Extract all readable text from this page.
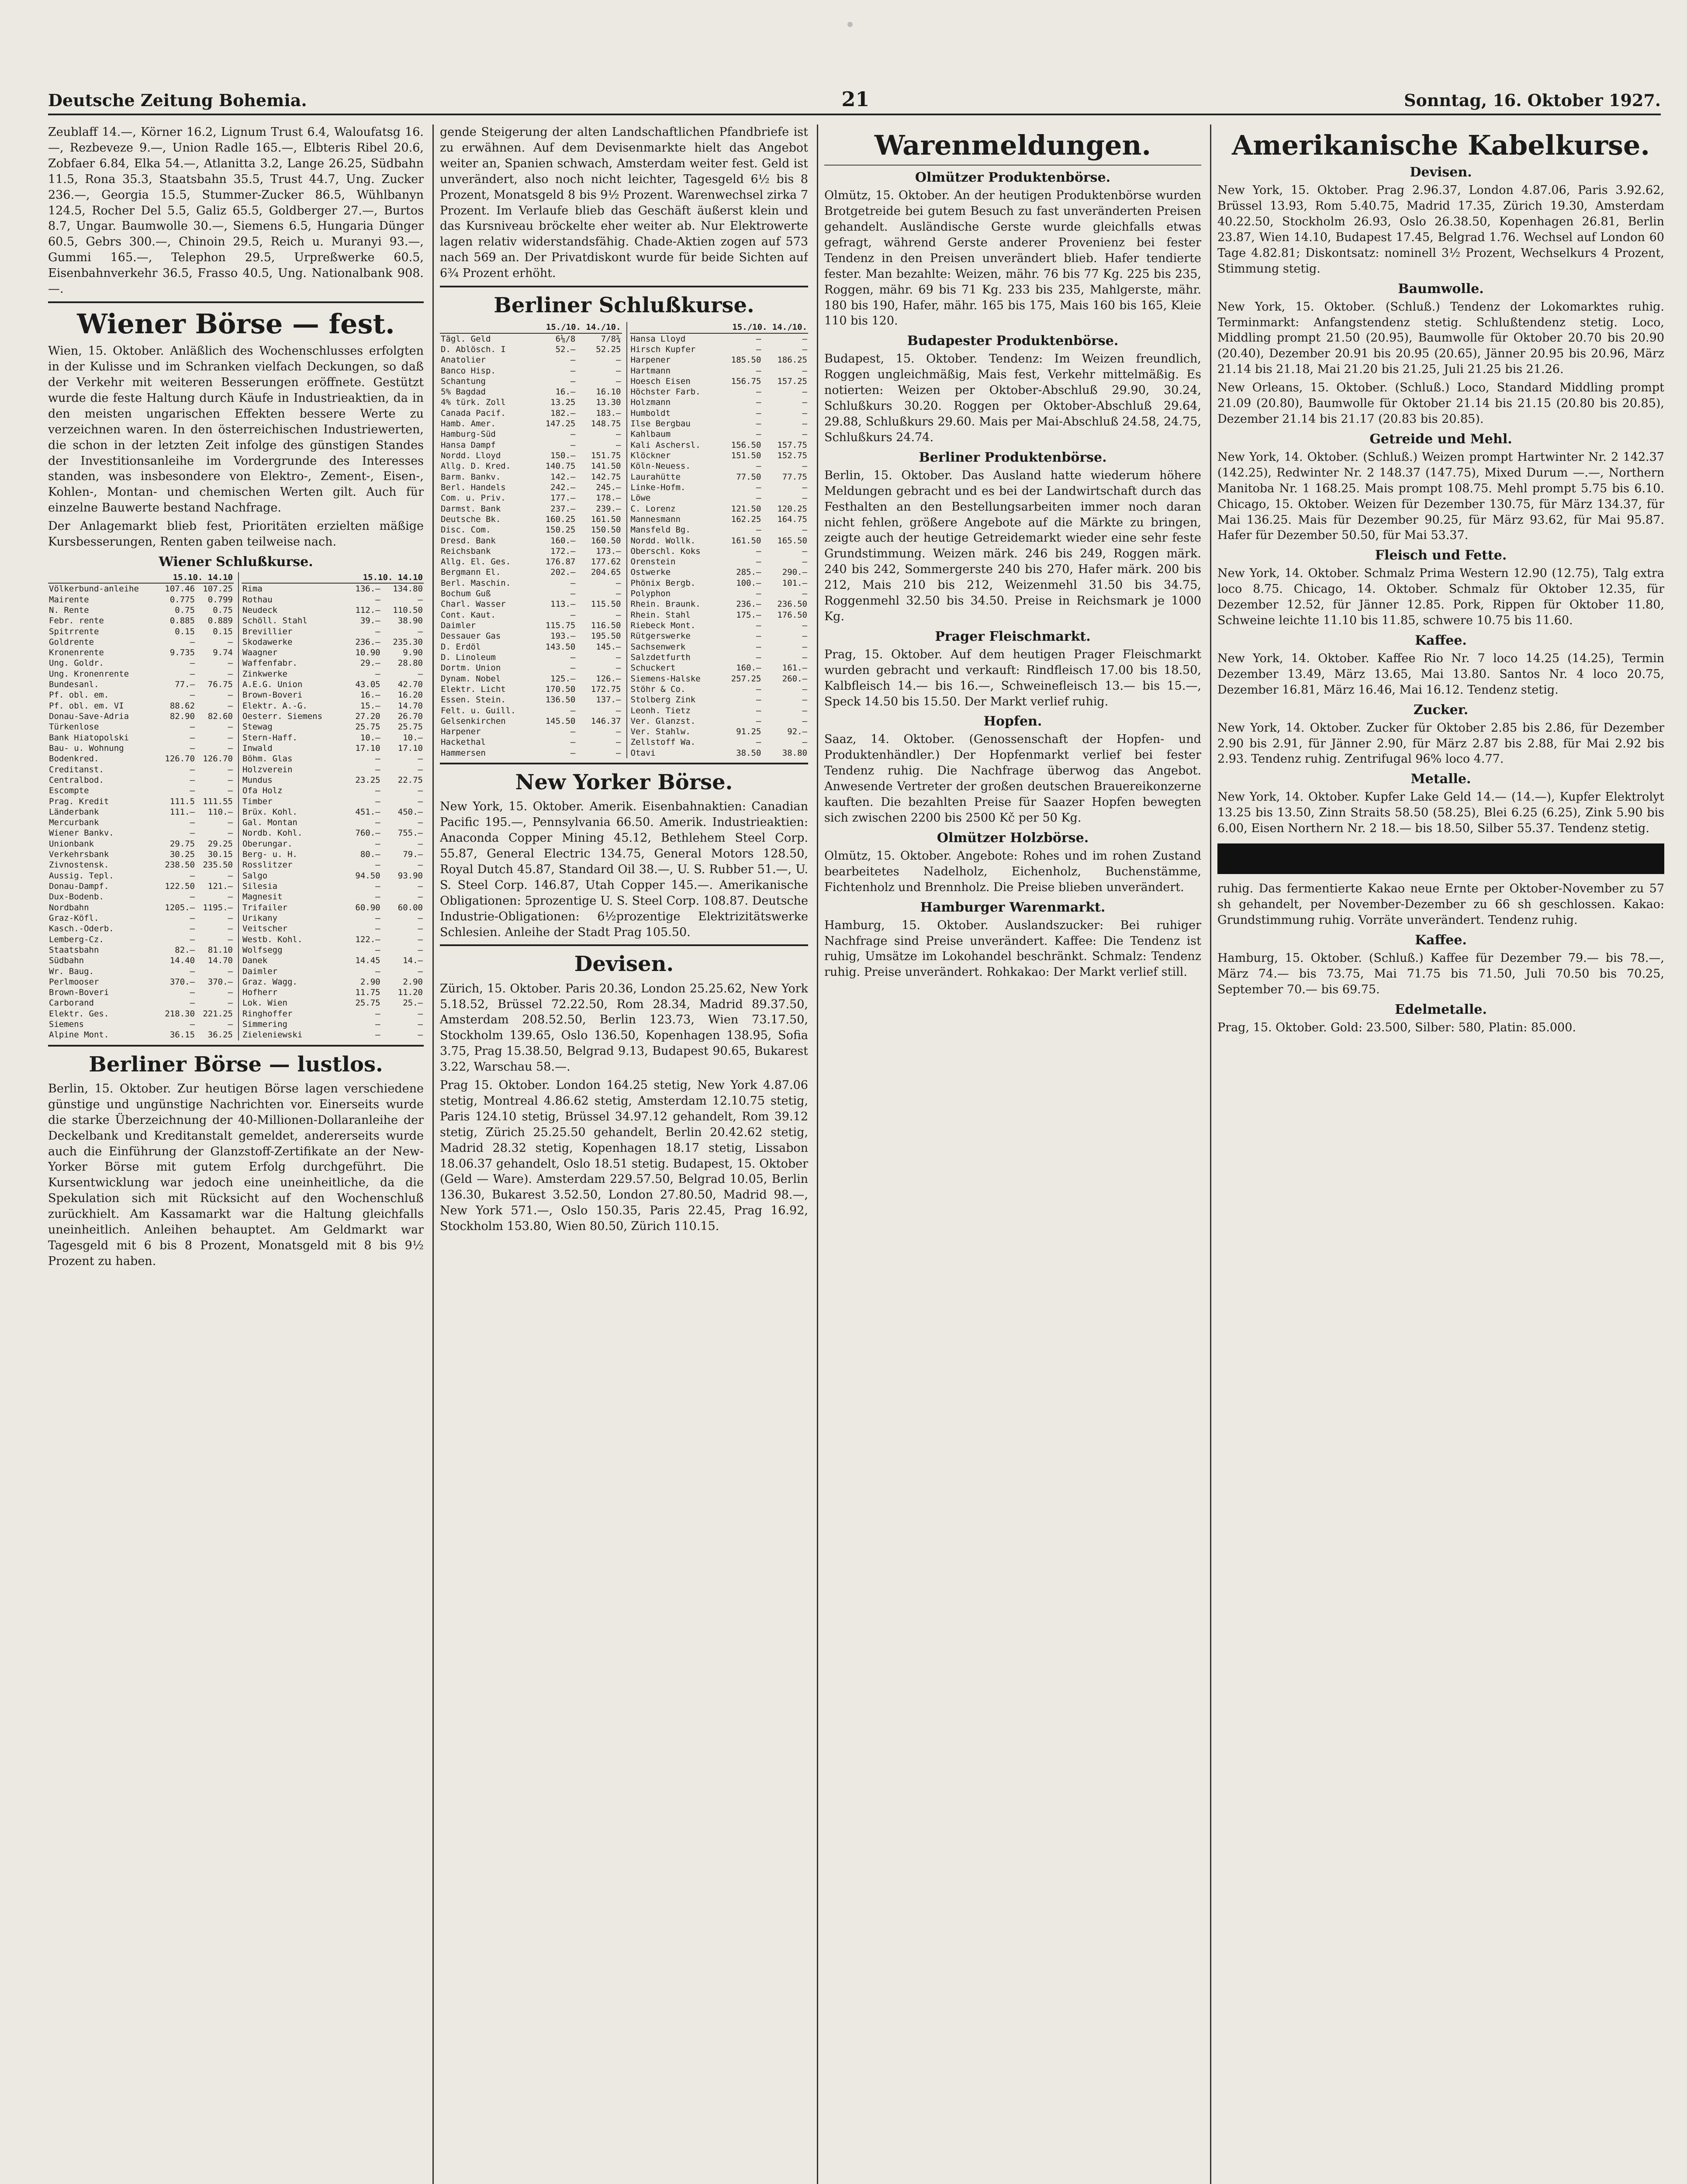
Deutsche Zeitung Bohemia.	21	Sonntag, 16. Oktober 1927.

Zeublaff 14.—, Körner 16.2, Lignum Trust 6.4, Waloufatsg 16.—, Rezbeveze 9.—, Union Radle 165.—, Elbteris Ribel 20.6, Zobfaer 6.84, Elka 54.—, Atlanitta 3.2, Lange 26.25, Südbahn 11.5, Rona 35.3, Staatsbahn 35.5, Trust 44.7, Ung. Zucker 236.—, Georgia 15.5, Stummer-Zucker 86.5, Wühlbanyn 124.5, Rocher Del 5.5, Galiz 65.5, Goldberger 27.—, Burtos 8.7, Ungar. Baumwolle 30.—, Siemens 6.5, Hungaria Dünger 60.5, Gebrs 300.—, Chinoin 29.5, Reich u. Muranyi 93.—, Gummi 165.—, Telephon 29.5, Urpreßwerke 60.5, Eisenbahnverkehr 36.5, Frasso 40.5, Ung. Nationalbank 908.—.

Wiener Börse — fest.

Wien, 15. Oktober. Anläßlich des Wochenschlusses erfolgten in der Kulisse und im Schranken vielfach Deckungen, so daß der Verkehr mit weiteren Besserungen eröffnete. Gestützt wurde die feste Haltung durch Käufe in Industrieaktien, da in den meisten ungarischen Effekten bessere Werte zu verzeichnen waren. In den österreichischen Industriewerten, die schon in der letzten Zeit infolge des günstigen Standes der Investitionsanleihe im Vordergrunde des Interesses standen, was insbesondere von Elektro-, Zement-, Eisen-, Kohlen-, Montan- und chemischen Werten gilt. Auch für einzelne Bauwerte bestand Nachfrage.

Der Anlagemarkt blieb fest, Prioritäten erzielten mäßige Kursbesserungen, Renten gaben teilweise nach.

Wiener Schlußkurse.
	15.10. 14.10	
Völkerbund-anleihe	107.46	107.25
Mairente	0.775	0.799
N. Rente	0.75	0.75
Febr. rente	0.885	0.889
Spitrrente	0.15	0.15
Goldrente	—	—
Kronenrente	9.735	9.74
Ung. Goldr.	—	—
Ung. Kronenrente	—	—
Bundesanl.	77.—	76.75
Pf. obl. em.	—	—
Pf. obl. em. VI	88.62	—
Donau-Save-Adria	82.90	82.60
Türkenlose	—	—
Bank Hiatopolski	—	—
Bau- u. Wohnung	—	—
Bodenkred.	126.70	126.70
Creditanst.	—	—
Centralbod.	—	—
Escompte	—	—
Prag. Kredit	111.5	111.55
Länderbank	111.—	110.—
Mercurbank	—	—
Wiener Bankv.	—	—
Unionbank	29.75	29.25
Verkehrsbank	30.25	30.15
Zivnostensk.	238.50	235.50
Aussig. Tepl.	—	—
Donau-Dampf.	122.50	121.—
Dux-Bodenb.	—	—
Nordbahn	1205.—	1195.—
Graz-Köfl.	—	—
Kasch.-Oderb.	—	—
Lemberg-Cz.	—	—
Staatsbahn	82.—	81.10
Südbahn	14.40	14.70
Wr. Baug.	—	—
Perlmooser	370.—	370.—
Brown-Boveri	—	—
Carborand	—	—
Elektr. Ges.	218.30	221.25
Siemens	—	—
Alpine Mont.	36.15	36.25
	15.10. 14.10	
Rima	136.—	134.80
Rothau	—	—
Neudeck	112.—	110.50
Schöll. Stahl	39.—	38.90
Brevillier	—	—
Skodawerke	236.—	235.30
Waagner	10.90	9.90
Waffenfabr.	29.—	28.80
Zinkwerke	—	—
A.E.G. Union	43.05	42.70
Brown-Boveri	16.—	16.20
Elektr. A.-G.	15.—	14.70
Oesterr. Siemens	27.20	26.70
Stewag	25.75	25.75
Stern-Haff.	10.—	10.—
Inwald	17.10	17.10
Böhm. Glas	—	—
Holzverein	—	—
Mundus	23.25	22.75
Ofa Holz	—	—
Timber	—	—
Brüx. Kohl.	451.—	450.—
Gal. Montan	—	—
Nordb. Kohl.	760.—	755.—
Oberungar.	—	—
Berg- u. H.	80.—	79.—
Rosslitzer	—	—
Salgo	94.50	93.90
Silesia	—	—
Magnesit	—	—
Trifailer	60.90	60.00
Urikany	—	—
Veitscher	—	—
Westb. Kohl.	122.—	—
Wolfsegg	—	—
Danek	14.45	14.—
Daimler	—	—
Graz. Wagg.	2.90	2.90
Hofherr	11.75	11.20
Lok. Wien	25.75	25.—
Ringhoffer	—	—
Simmering	—	—
Zieleniewski	—	—
Berliner Börse — lustlos.

Berlin, 15. Oktober. Zur heutigen Börse lagen verschiedene günstige und ungünstige Nachrichten vor. Einerseits wurde die starke Überzeichnung der 40-Millionen-Dollaranleihe der Deckelbank und Kreditanstalt gemeldet, andererseits wurde auch die Einführung der Glanzstoff-Zertifikate an der New-Yorker Börse mit gutem Erfolg durchgeführt. Die Kursentwicklung war jedoch eine uneinheitliche, da die Spekulation sich mit Rücksicht auf den Wochenschluß zurückhielt. Am Kassamarkt war die Haltung gleichfalls uneinheitlich. Anleihen behauptet. Am Geldmarkt war Tagesgeld mit 6 bis 8 Prozent, Monatsgeld mit 8 bis 9½ Prozent zu haben.

gende Steigerung der alten Landschaftlichen Pfandbriefe ist zu erwähnen. Auf dem Devisenmarkte hielt das Angebot weiter an, Spanien schwach, Amsterdam weiter fest. Geld ist unverändert, also noch nicht leichter, Tagesgeld 6½ bis 8 Prozent, Monatsgeld 8 bis 9½ Prozent. Warenwechsel zirka 7 Prozent. Im Verlaufe blieb das Geschäft äußerst klein und das Kursniveau bröckelte eher weiter ab. Nur Elektrowerte lagen relativ widerstandsfähig. Chade-Aktien zogen auf 573 nach 569 an. Der Privatdiskont wurde für beide Sichten auf 6¾ Prozent erhöht.

Berliner Schlußkurse.
	15./10. 14./10.	
Tägl. Geld	6⅛/8	7/8¾
D. Ablösch. I	52.—	52.25
Anatolier	—	—
Banco Hisp.	—	—
Schantung	—	—
5% Bagdad	16.—	16.10
4% türk. Zoll	13.25	13.30
Canada Pacif.	182.—	183.—
Hamb. Amer.	147.25	148.75
Hamburg-Süd	—	—
Hansa Dampf	—	—
Nordd. Lloyd	150.—	151.75
Allg. D. Kred.	140.75	141.50
Barm. Bankv.	142.—	142.75
Berl. Handels	242.—	245.—
Com. u. Priv.	177.—	178.—
Darmst. Bank	237.—	239.—
Deutsche Bk.	160.25	161.50
Disc. Com.	150.25	150.50
Dresd. Bank	160.—	160.50
Reichsbank	172.—	173.—
Allg. El. Ges.	176.87	177.62
Bergmann El.	202.—	204.65
Berl. Maschin.	—	—
Bochum Guß	—	—
Charl. Wasser	113.—	115.50
Cont. Kaut.	—	—
Daimler	115.75	116.50
Dessauer Gas	193.—	195.50
D. Erdöl	143.50	145.—
D. Linoleum	—	—
Dortm. Union	—	—
Dynam. Nobel	125.—	126.—
Elektr. Licht	170.50	172.75
Essen. Stein.	136.50	137.—
Felt. u. Guill.	—	—
Gelsenkirchen	145.50	146.37
Harpener	—	—
Hackethal	—	—
Hammersen	—	—
	15./10. 14./10.	
Hansa Lloyd	—	—
Hirsch Kupfer	—	—
Harpener	185.50	186.25
Hartmann	—	—
Hoesch Eisen	156.75	157.25
Höchster Farb.	—	—
Holzmann	—	—
Humboldt	—	—
Ilse Bergbau	—	—
Kahlbaum	—	—
Kali Aschersl.	156.50	157.75
Klöckner	151.50	152.75
Köln-Neuess.	—	—
Laurahütte	77.50	77.75
Linke-Hofm.	—	—
Löwe	—	—
C. Lorenz	121.50	120.25
Mannesmann	162.25	164.75
Mansfeld Bg.	—	—
Nordd. Wollk.	161.50	165.50
Oberschl. Koks	—	—
Orenstein	—	—
Ostwerke	285.—	290.—
Phönix Bergb.	100.—	101.—
Polyphon	—	—
Rhein. Braunk.	236.—	236.50
Rhein. Stahl	175.—	176.50
Riebeck Mont.	—	—
Rütgerswerke	—	—
Sachsenwerk	—	—
Salzdetfurth	—	—
Schuckert	160.—	161.—
Siemens-Halske	257.25	260.—
Stöhr & Co.	—	—
Stolberg Zink	—	—
Leonh. Tietz	—	—
Ver. Glanzst.	—	—
Ver. Stahlw.	91.25	92.—
Zellstoff Wa.	—	—
Otavi	38.50	38.80
New Yorker Börse.

New York, 15. Oktober. Amerik. Eisenbahnaktien: Canadian Pacific 195.—, Pennsylvania 66.50. Amerik. Industrieaktien: Anaconda Copper Mining 45.12, Bethlehem Steel Corp. 55.87, General Electric 134.75, General Motors 128.50, Royal Dutch 45.87, Standard Oil 38.—, U. S. Rubber 51.—, U. S. Steel Corp. 146.87, Utah Copper 145.—. Amerikanische Obligationen: 5prozentige U. S. Steel Corp. 108.87. Deutsche Industrie-Obligationen: 6½prozentige Elektrizitätswerke Schlesien. Anleihe der Stadt Prag 105.50.

Devisen.

Zürich, 15. Oktober. Paris 20.36, London 25.25.62, New York 5.18.52, Brüssel 72.22.50, Rom 28.34, Madrid 89.37.50, Amsterdam 208.52.50, Berlin 123.73, Wien 73.17.50, Stockholm 139.65, Oslo 136.50, Kopenhagen 138.95, Sofia 3.75, Prag 15.38.50, Belgrad 9.13, Budapest 90.65, Bukarest 3.22, Warschau 58.—.

Prag 15. Oktober. London 164.25 stetig, New York 4.87.06 stetig, Montreal 4.86.62 stetig, Amsterdam 12.10.75 stetig, Paris 124.10 stetig, Brüssel 34.97.12 gehandelt, Rom 39.12 stetig, Zürich 25.25.50 gehandelt, Berlin 20.42.62 stetig, Madrid 28.32 stetig, Kopenhagen 18.17 stetig, Lissabon 18.06.37 gehandelt, Oslo 18.51 stetig. Budapest, 15. Oktober (Geld — Ware). Amsterdam 229.57.50, Belgrad 10.05, Berlin 136.30, Bukarest 3.52.50, London 27.80.50, Madrid 98.—, New York 571.—, Oslo 150.35, Paris 22.45, Prag 16.92, Stockholm 153.80, Wien 80.50, Zürich 110.15.

Warenmeldungen.
Olmützer Produktenbörse.

Olmütz, 15. Oktober. An der heutigen Produktenbörse wurden Brotgetreide bei gutem Besuch zu fast unveränderten Preisen gehandelt. Ausländische Gerste wurde gleichfalls etwas gefragt, während Gerste anderer Provenienz bei fester Tendenz in den Preisen unverändert blieb. Hafer tendierte fester. Man bezahlte: Weizen, mähr. 76 bis 77 Kg. 225 bis 235, Roggen, mähr. 69 bis 71 Kg. 233 bis 235, Mahlgerste, mähr. 180 bis 190, Hafer, mähr. 165 bis 175, Mais 160 bis 165, Kleie 110 bis 120.

Budapester Produktenbörse.

Budapest, 15. Oktober. Tendenz: Im Weizen freundlich, Roggen ungleichmäßig, Mais fest, Verkehr mittelmäßig. Es notierten: Weizen per Oktober-Abschluß 29.90, 30.24, Schlußkurs 30.20. Roggen per Oktober-Abschluß 29.64, 29.88, Schlußkurs 29.60. Mais per Mai-Abschluß 24.58, 24.75, Schlußkurs 24.74.

Berliner Produktenbörse.

Berlin, 15. Oktober. Das Ausland hatte wiederum höhere Meldungen gebracht und es bei der Landwirtschaft durch das Festhalten an den Bestellungsarbeiten immer noch daran nicht fehlen, größere Angebote auf die Märkte zu bringen, zeigte auch der heutige Getreidemarkt wieder eine sehr feste Grundstimmung. Weizen märk. 246 bis 249, Roggen märk. 240 bis 242, Sommergerste 240 bis 270, Hafer märk. 200 bis 212, Mais 210 bis 212, Weizenmehl 31.50 bis 34.75, Roggenmehl 32.50 bis 34.50. Preise in Reichsmark je 1000 Kg.

Prager Fleischmarkt.

Prag, 15. Oktober. Auf dem heutigen Prager Fleischmarkt wurden gebracht und verkauft: Rindfleisch 17.00 bis 18.50, Kalbfleisch 14.— bis 16.—, Schweinefleisch 13.— bis 15.—, Speck 14.50 bis 15.50. Der Markt verlief ruhig.

Hopfen.

Saaz, 14. Oktober. (Genossenschaft der Hopfen- und Produktenhändler.) Der Hopfenmarkt verlief bei fester Tendenz ruhig. Die Nachfrage überwog das Angebot. Anwesende Vertreter der großen deutschen Brauereikonzerne kauften. Die bezahlten Preise für Saazer Hopfen bewegten sich zwischen 2200 bis 2500 Kč per 50 Kg.

Olmützer Holzbörse.

Olmütz, 15. Oktober. Angebote: Rohes und im rohen Zustand bearbeitetes Nadelholz, Eichenholz, Buchenstämme, Fichtenholz und Brennholz. Die Preise blieben unverändert.

Hamburger Warenmarkt.

Hamburg, 15. Oktober. Auslandszucker: Bei ruhiger Nachfrage sind Preise unverändert. Kaffee: Die Tendenz ist ruhig, Umsätze im Lokohandel beschränkt. Schmalz: Tendenz ruhig. Preise unverändert. Rohkakao: Der Markt verlief still.

Amerikanische Kabelkurse.
Devisen.

New York, 15. Oktober. Prag 2.96.37, London 4.87.06, Paris 3.92.62, Brüssel 13.93, Rom 5.40.75, Madrid 17.35, Zürich 19.30, Amsterdam 40.22.50, Stockholm 26.93, Oslo 26.38.50, Kopenhagen 26.81, Berlin 23.87, Wien 14.10, Budapest 17.45, Belgrad 1.76. Wechsel auf London 60 Tage 4.82.81; Diskontsatz: nominell 3½ Prozent, Wechselkurs 4 Prozent, Stimmung stetig.

Baumwolle.

New York, 15. Oktober. (Schluß.) Tendenz der Lokomarktes ruhig. Terminmarkt: Anfangstendenz stetig. Schlußtendenz stetig. Loco, Middling prompt 21.50 (20.95), Baumwolle für Oktober 20.70 bis 20.90 (20.40), Dezember 20.91 bis 20.95 (20.65), Jänner 20.95 bis 20.96, März 21.14 bis 21.18, Mai 21.20 bis 21.25, Juli 21.25 bis 21.26.

New Orleans, 15. Oktober. (Schluß.) Loco, Standard Middling prompt 21.09 (20.80), Baumwolle für Oktober 21.14 bis 21.15 (20.80 bis 20.85), Dezember 21.14 bis 21.17 (20.83 bis 20.85).

Getreide und Mehl.

New York, 14. Oktober. (Schluß.) Weizen prompt Hartwinter Nr. 2 142.37 (142.25), Redwinter Nr. 2 148.37 (147.75), Mixed Durum —.—, Northern Manitoba Nr. 1 168.25. Mais prompt 108.75. Mehl prompt 5.75 bis 6.10. Chicago, 15. Oktober. Weizen für Dezember 130.75, für März 134.37, für Mai 136.25. Mais für Dezember 90.25, für März 93.62, für Mai 95.87. Hafer für Dezember 50.50, für Mai 53.37.

Fleisch und Fette.

New York, 14. Oktober. Schmalz Prima Western 12.90 (12.75), Talg extra loco 8.75. Chicago, 14. Oktober. Schmalz für Oktober 12.35, für Dezember 12.52, für Jänner 12.85. Pork, Rippen für Oktober 11.80, Schweine leichte 11.10 bis 11.85, schwere 10.75 bis 11.60.

Kaffee.

New York, 14. Oktober. Kaffee Rio Nr. 7 loco 14.25 (14.25), Termin Dezember 13.49, März 13.65, Mai 13.80. Santos Nr. 4 loco 20.75, Dezember 16.81, März 16.46, Mai 16.12. Tendenz stetig.

Zucker.

New York, 14. Oktober. Zucker für Oktober 2.85 bis 2.86, für Dezember 2.90 bis 2.91, für Jänner 2.90, für März 2.87 bis 2.88, für Mai 2.92 bis 2.93. Tendenz ruhig. Zentrifugal 96% loco 4.77.

Metalle.

New York, 14. Oktober. Kupfer Lake Geld 14.— (14.—), Kupfer Elektrolyt 13.25 bis 13.50, Zinn Straits 58.50 (58.25), Blei 6.25 (6.25), Zink 5.90 bis 6.00, Eisen Northern Nr. 2 18.— bis 18.50, Silber 55.37. Tendenz stetig.

ruhig. Das fermentierte Kakao neue Ernte per Oktober-November zu 57 sh gehandelt, per November-Dezember zu 66 sh geschlossen. Kakao: Grundstimmung ruhig. Vorräte unverändert. Tendenz ruhig.

Kaffee.

Hamburg, 15. Oktober. (Schluß.) Kaffee für Dezember 79.— bis 78.—, März 74.— bis 73.75, Mai 71.75 bis 71.50, Juli 70.50 bis 70.25, September 70.— bis 69.75.

Edelmetalle.

Prag, 15. Oktober. Gold: 23.500, Silber: 580, Platin: 85.000.
